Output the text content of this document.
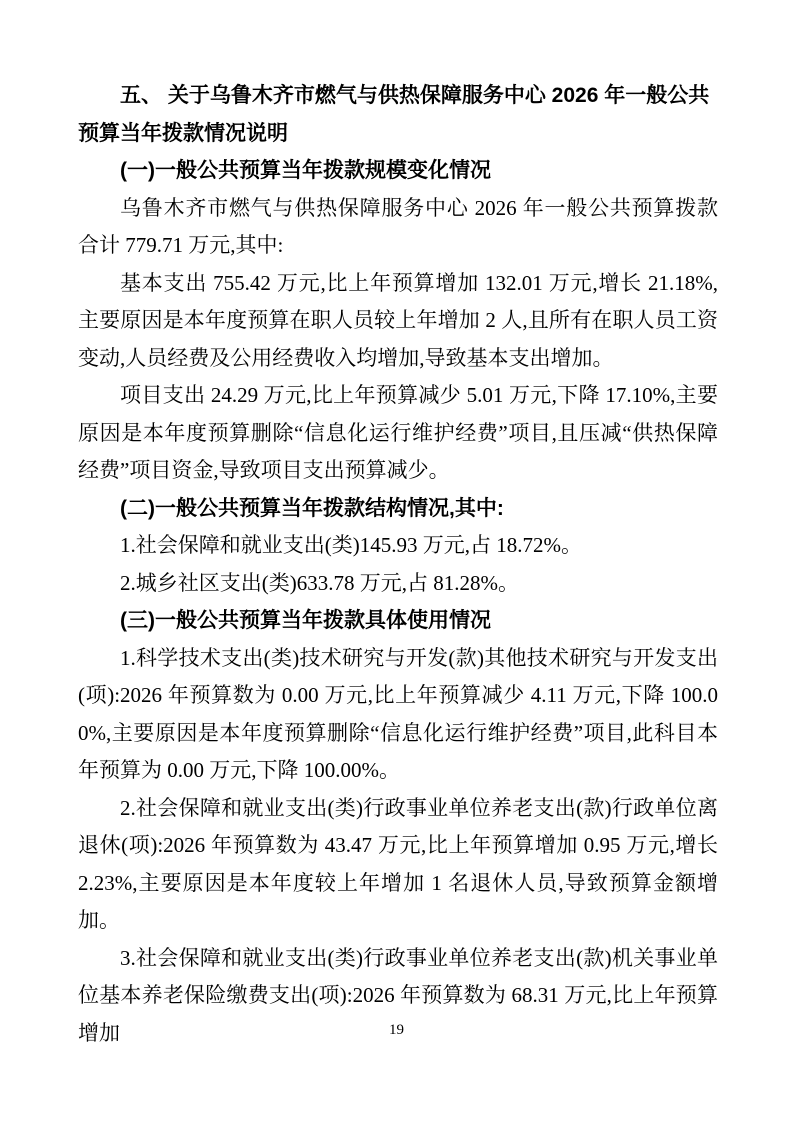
五、 关于乌鲁木齐市燃气与供热保障服务中心 2026 年一般公共预算当年拨款情况说明

(一)一般公共预算当年拨款规模变化情况

乌鲁木齐市燃气与供热保障服务中心 2026 年一般公共预算拨款合计 779.71 万元,其中:

基本支出 755.42 万元,比上年预算增加 132.01 万元,增长 21.18%,主要原因是本年度预算在职人员较上年增加 2 人,且所有在职人员工资变动,人员经费及公用经费收入均增加,导致基本支出增加。

项目支出 24.29 万元,比上年预算减少 5.01 万元,下降 17.10%,主要原因是本年度预算删除“信息化运行维护经费”项目,且压减“供热保障经费”项目资金,导致项目支出预算减少。

(二)一般公共预算当年拨款结构情况,其中:

1.社会保障和就业支出(类)145.93 万元,占 18.72%。

2.城乡社区支出(类)633.78 万元,占 81.28%。

(三)一般公共预算当年拨款具体使用情况

1.科学技术支出(类)技术研究与开发(款)其他技术研究与开发支出(项):2026 年预算数为 0.00 万元,比上年预算减少 4.11 万元,下降 100.00%,主要原因是本年度预算删除“信息化运行维护经费”项目,此科目本年预算为 0.00 万元,下降 100.00%。

2.社会保障和就业支出(类)行政事业单位养老支出(款)行政单位离退休(项):2026 年预算数为 43.47 万元,比上年预算增加 0.95 万元,增长 2.23%,主要原因是本年度较上年增加 1 名退休人员,导致预算金额增加。

3.社会保障和就业支出(类)行政事业单位养老支出(款)机关事业单位基本养老保险缴费支出(项):2026 年预算数为 68.31 万元,比上年预算增加	19
